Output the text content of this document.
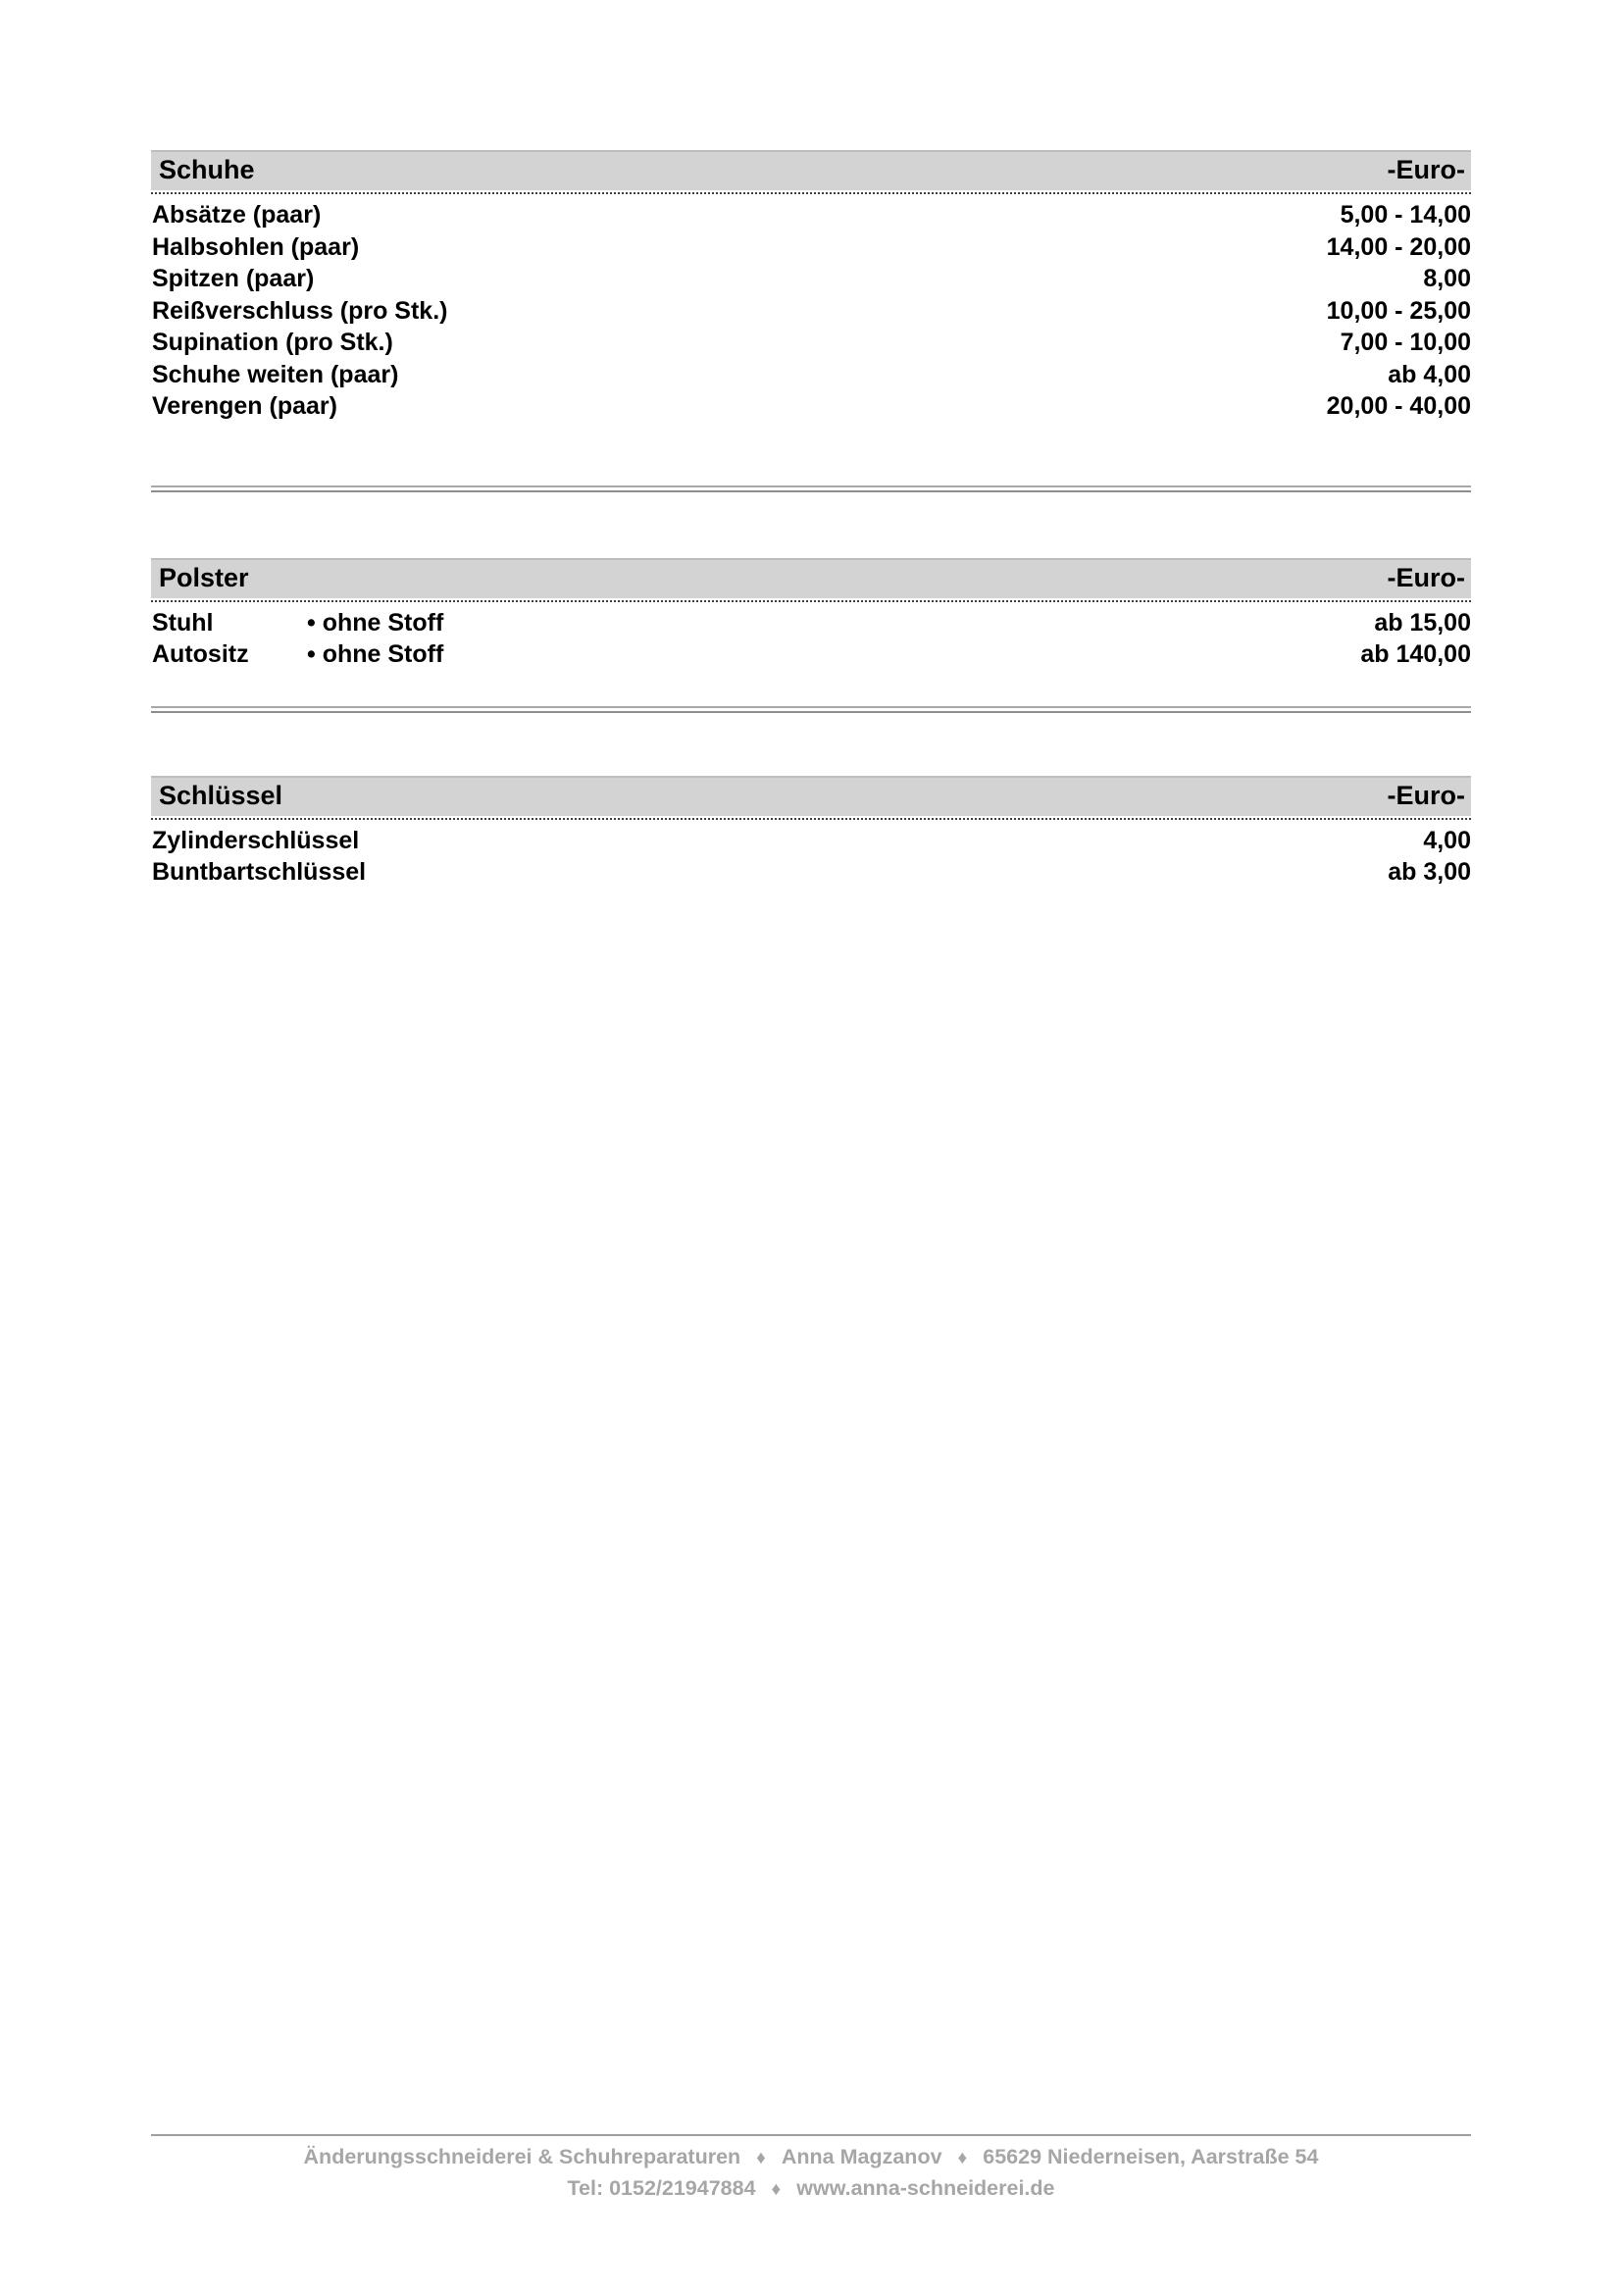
Schuhe	-Euro-
Absätze (paar)	5,00 - 14,00
Halbsohlen (paar)	14,00 - 20,00
Spitzen (paar)	8,00
Reißverschluss (pro Stk.)	10,00 - 25,00
Supination (pro Stk.)	7,00 - 10,00
Schuhe weiten (paar)	ab 4,00
Verengen (paar)	20,00 - 40,00
Polster	-Euro-
Stuhl	• ohne Stoff	ab 15,00
Autositz	• ohne Stoff	ab 140,00
Schlüssel	-Euro-
Zylinderschlüssel	4,00
Buntbartschlüssel	ab 3,00
Änderungsschneiderei & Schuhreparaturen ♦ Anna Magzanov ♦ 65629 Niederneisen, Aarstraße 54
Tel: 0152/21947884 ♦ www.anna-schneiderei.de
